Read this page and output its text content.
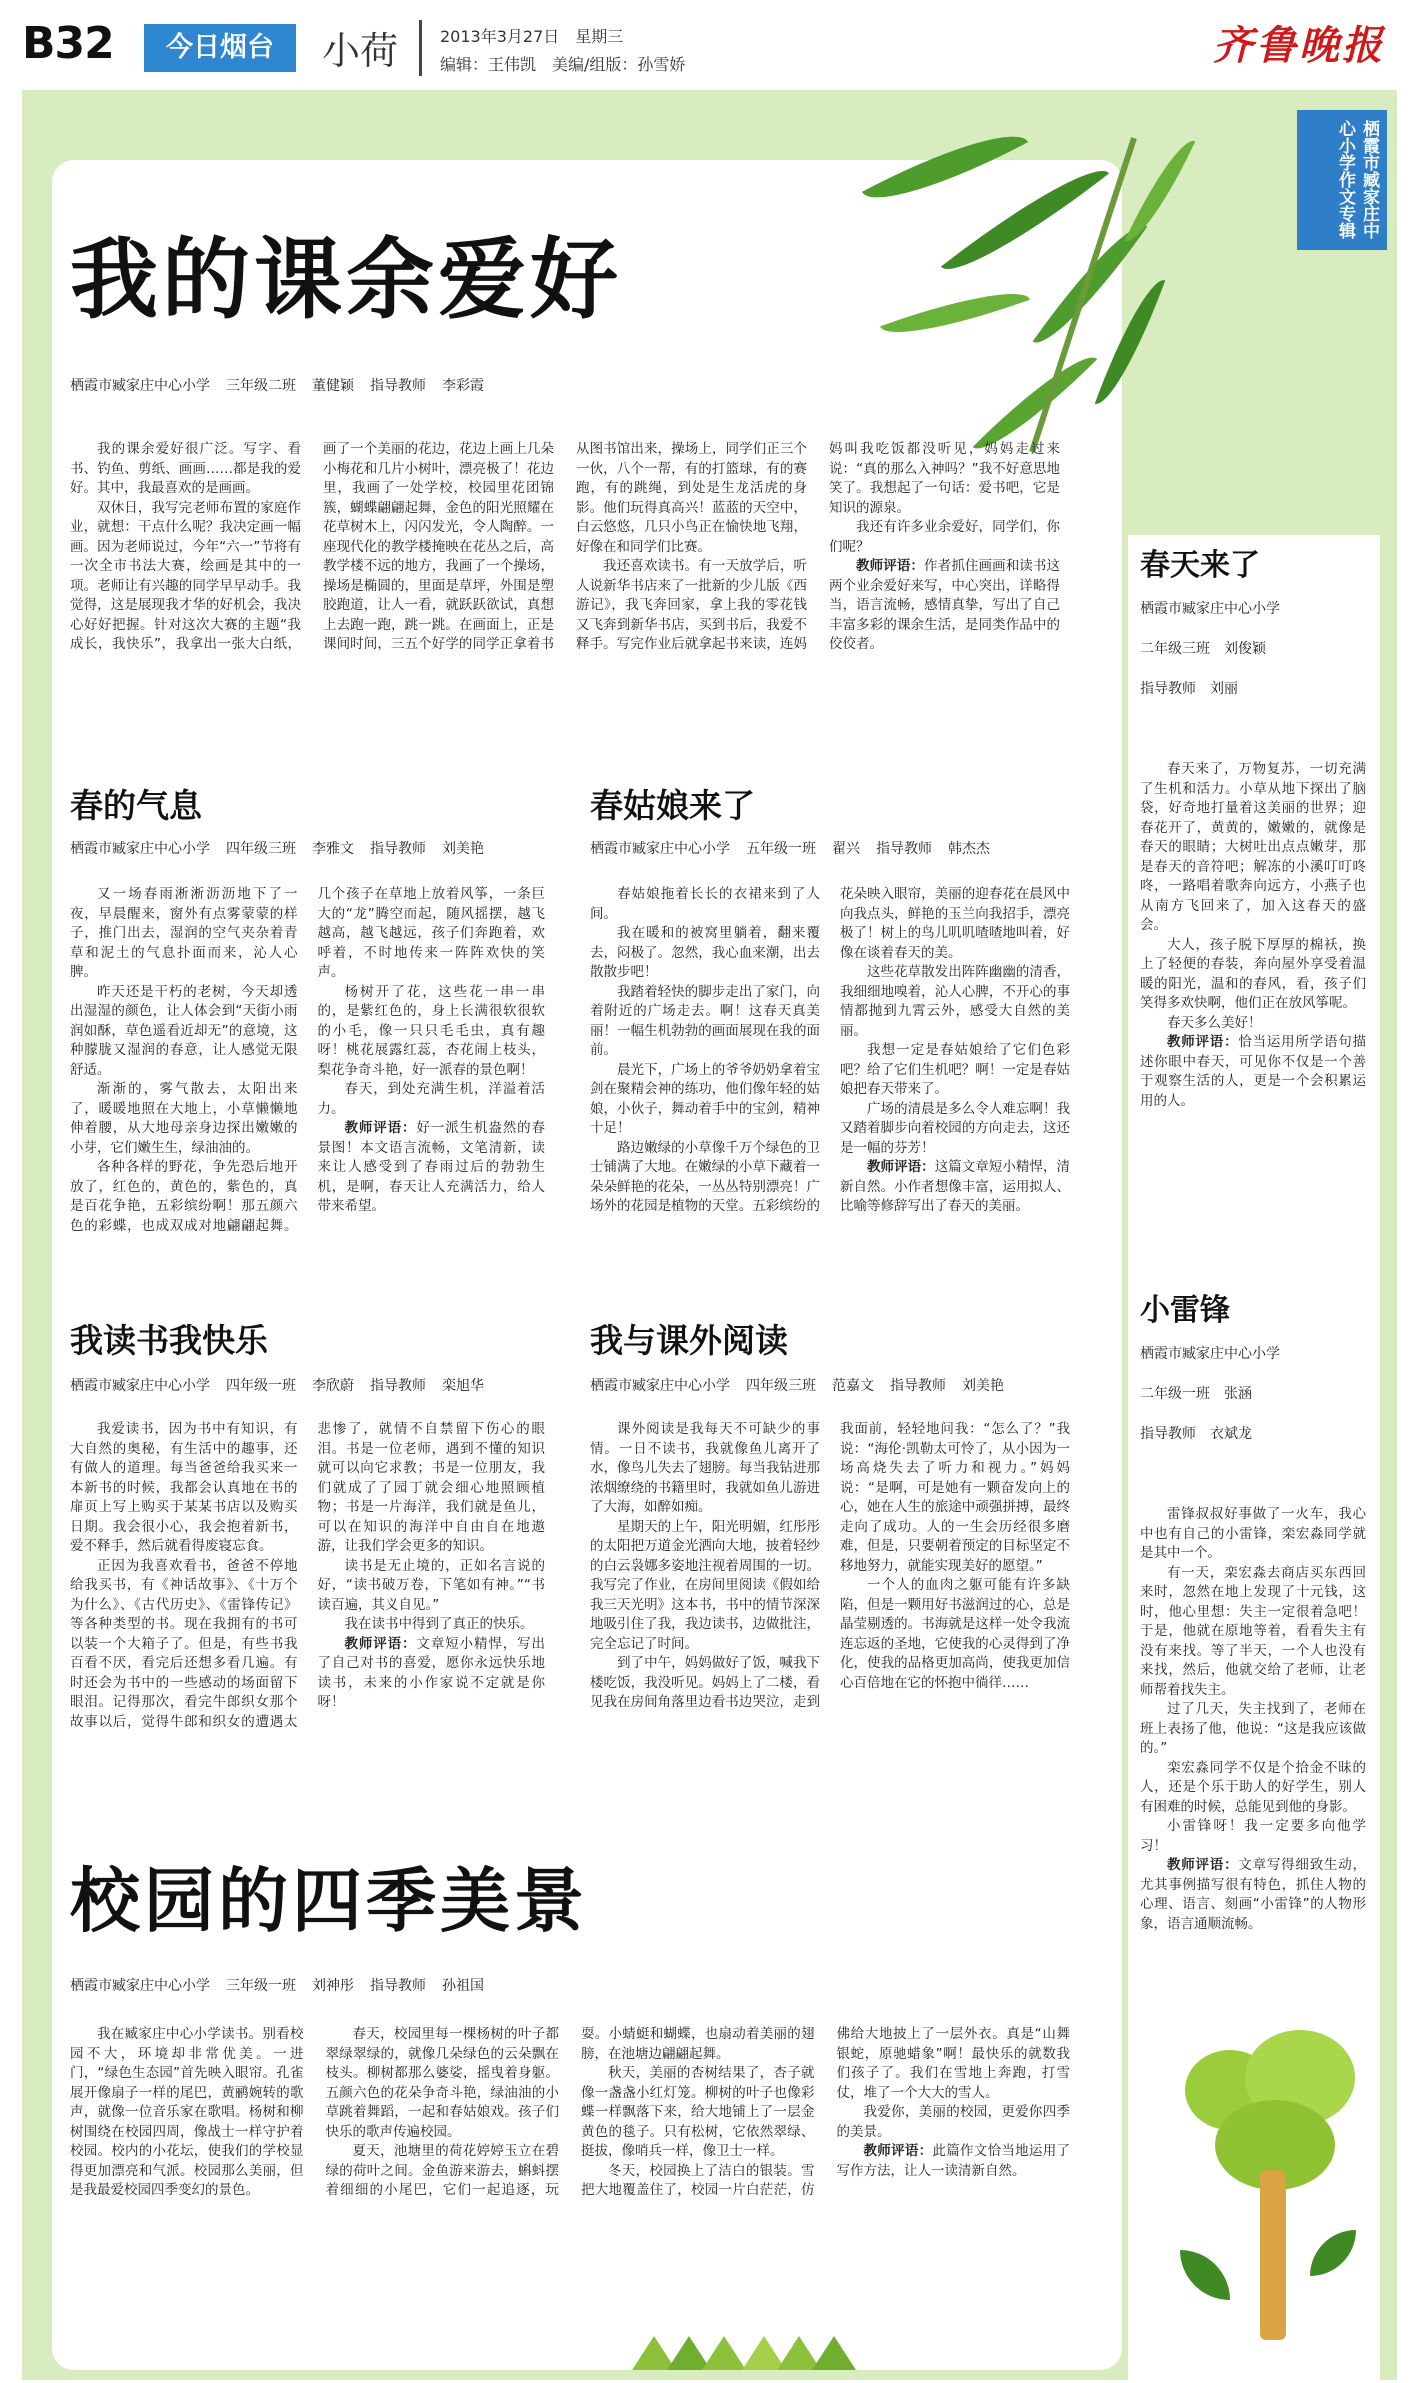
B32	今日烟台	小荷	2013年3月27日　星期三
编辑：王伟凯　美编/组版：孙雪娇	齐鲁晚报
栖霞市臧家庄中心小学作文专辑
我的课余爱好
栖霞市臧家庄中心小学 三年级二班 董健颖 指导教师 李彩霞

我的课余爱好很广泛。写字、看书、钓鱼、剪纸、画画……都是我的爱好。其中，我最喜欢的是画画。

双休日，我写完老师布置的家庭作业，就想：干点什么呢？我决定画一幅画。因为老师说过，今年“六一”节将有一次全市书法大赛，绘画是其中的一项。老师让有兴趣的同学早早动手。我觉得，这是展现我才华的好机会，我决心好好把握。针对这次大赛的主题“我成长，我快乐”，我拿出一张大白纸，画了一个美丽的花边，花边上画上几朵小梅花和几片小树叶，漂亮极了！花边里，我画了一处学校，校园里花团锦簇，蝴蝶翩翩起舞，金色的阳光照耀在花草树木上，闪闪发光，令人陶醉。一座现代化的教学楼掩映在花丛之后，高教学楼不远的地方，我画了一个操场，操场是椭圆的，里面是草坪，外围是塑胶跑道，让人一看，就跃跃欲试，真想上去跑一跑，跳一跳。在画面上，正是课间时间，三五个好学的同学正拿着书从图书馆出来，操场上，同学们正三个一伙，八个一帮，有的打篮球，有的赛跑，有的跳绳，到处是生龙活虎的身影。他们玩得真高兴！蓝蓝的天空中，白云悠悠，几只小鸟正在愉快地飞翔，好像在和同学们比赛。

我还喜欢读书。有一天放学后，听人说新华书店来了一批新的少儿版《西游记》，我飞奔回家，拿上我的零花钱又飞奔到新华书店，买到书后，我爱不释手。写完作业后就拿起书来读，连妈妈叫我吃饭都没听见，妈妈走过来说：“真的那么入神吗？”我不好意思地笑了。我想起了一句话：爱书吧，它是知识的源泉。

我还有许多业余爱好，同学们，你们呢？

教师评语：作者抓住画画和读书这两个业余爱好来写，中心突出，详略得当，语言流畅，感情真挚，写出了自己丰富多彩的课余生活，是同类作品中的佼佼者。

春的气息
栖霞市臧家庄中心小学 四年级三班 李雅文 指导教师 刘美艳

又一场春雨淅淅沥沥地下了一夜，早晨醒来，窗外有点雾蒙蒙的样子，推门出去，湿润的空气夹杂着青草和泥土的气息扑面而来，沁人心脾。

昨天还是干朽的老树，今天却透出湿湿的颜色，让人体会到“天街小雨润如酥，草色遥看近却无”的意境，这种朦胧又湿润的春意，让人感觉无限舒适。

渐渐的，雾气散去，太阳出来了，暖暖地照在大地上，小草懒懒地伸着腰，从大地母亲身边探出嫩嫩的小芽，它们嫩生生，绿油油的。

各种各样的野花，争先恐后地开放了，红色的，黄色的，紫色的，真是百花争艳，五彩缤纷啊！那五颜六色的彩蝶，也成双成对地翩翩起舞。几个孩子在草地上放着风筝，一条巨大的“龙”腾空而起，随风摇摆，越飞越高，越飞越远，孩子们奔跑着，欢呼着，不时地传来一阵阵欢快的笑声。

杨树开了花，这些花一串一串的，是紫红色的，身上长满很软很软的小毛，像一只只毛毛虫，真有趣呀！桃花展露红蕊，杏花闹上枝头，梨花争奇斗艳，好一派春的景色啊！

春天，到处充满生机，洋溢着活力。

教师评语：好一派生机盎然的春景图！本文语言流畅，文笔清新，读来让人感受到了春雨过后的勃勃生机，是啊，春天让人充满活力，给人带来希望。

春姑娘来了
栖霞市臧家庄中心小学 五年级一班 翟兴 指导教师 韩杰杰

春姑娘拖着长长的衣裙来到了人间。

我在暖和的被窝里躺着，翻来覆去，闷极了。忽然，我心血来潮，出去散散步吧！

我踏着轻快的脚步走出了家门，向着附近的广场走去。啊！这春天真美丽！一幅生机勃勃的画面展现在我的面前。

晨光下，广场上的爷爷奶奶拿着宝剑在聚精会神的练功，他们像年轻的姑娘，小伙子，舞动着手中的宝剑，精神十足！

路边嫩绿的小草像千万个绿色的卫士铺满了大地。在嫩绿的小草下藏着一朵朵鲜艳的花朵，一丛丛特别漂亮！广场外的花园是植物的天堂。五彩缤纷的花朵映入眼帘，美丽的迎春花在晨风中向我点头，鲜艳的玉兰向我招手，漂亮极了！树上的鸟儿叽叽喳喳地叫着，好像在谈着春天的美。

这些花草散发出阵阵幽幽的清香，我细细地嗅着，沁人心脾，不开心的事情都抛到九霄云外，感受大自然的美丽。

我想一定是春姑娘给了它们色彩吧？给了它们生机吧？啊！一定是春姑娘把春天带来了。

广场的清晨是多么令人难忘啊！我又踏着脚步向着校园的方向走去，这还是一幅的芬芳！

教师评语：这篇文章短小精悍，清新自然。小作者想像丰富，运用拟人、比喻等修辞写出了春天的美丽。

我读书我快乐
栖霞市臧家庄中心小学 四年级一班 李欣蔚 指导教师 栾旭华

我爱读书，因为书中有知识，有大自然的奥秘，有生活中的趣事，还有做人的道理。每当爸爸给我买来一本新书的时候，我都会认真地在书的扉页上写上购买于某某书店以及购买日期。我会很小心，我会抱着新书，爱不释手，然后就看得废寝忘食。

正因为我喜欢看书，爸爸不停地给我买书，有《神话故事》、《十万个为什么》、《古代历史》、《雷锋传记》等各种类型的书。现在我拥有的书可以装一个大箱子了。但是，有些书我百看不厌，看完后还想多看几遍。有时还会为书中的一些感动的场面留下眼泪。记得那次，看完牛郎织女那个故事以后，觉得牛郎和织女的遭遇太悲惨了，就情不自禁留下伤心的眼泪。书是一位老师，遇到不懂的知识就可以向它求教；书是一位朋友，我们就成了了园丁就会细心地照顾植物；书是一片海洋，我们就是鱼儿，可以在知识的海洋中自由自在地遨游，让我们学会更多的知识。

读书是无止境的，正如名言说的好，“读书破万卷，下笔如有神。”“书读百遍，其义自见。”

我在读书中得到了真正的快乐。

教师评语：文章短小精悍，写出了自己对书的喜爱，愿你永远快乐地读书，未来的小作家说不定就是你呀！

我与课外阅读
栖霞市臧家庄中心小学 四年级三班 范嘉文 指导教师 刘美艳

课外阅读是我每天不可缺少的事情。一日不读书，我就像鱼儿离开了水，像鸟儿失去了翅膀。每当我钻进那浓烟缭绕的书籍里时，我就如鱼儿游进了大海，如醉如痴。

星期天的上午，阳光明媚，红彤彤的太阳把万道金光洒向大地，披着轻纱的白云袅娜多姿地注视着周围的一切。我写完了作业，在房间里阅读《假如给我三天光明》这本书，书中的情节深深地吸引住了我，我边读书，边做批注，完全忘记了时间。

到了中午，妈妈做好了饭，喊我下楼吃饭，我没听见。妈妈上了二楼，看见我在房间角落里边看书边哭泣，走到我面前，轻轻地问我：“怎么了？”我说：“海伦·凯勒太可怜了，从小因为一场高烧失去了听力和视力。”妈妈说：“是啊，可是她有一颗奋发向上的心，她在人生的旅途中顽强拼搏，最终走向了成功。人的一生会历经很多磨难，但是，只要朝着预定的目标坚定不移地努力，就能实现美好的愿望。”

一个人的血肉之躯可能有许多缺陷，但是一颗用好书滋润过的心，总是晶莹剔透的。书海就是这样一处令我流连忘返的圣地，它使我的心灵得到了净化，使我的品格更加高尚，使我更加信心百倍地在它的怀抱中徜徉……

校园的四季美景
栖霞市臧家庄中心小学 三年级一班 刘神彤 指导教师 孙祖国

我在臧家庄中心小学读书。别看校园不大，环境却非常优美。一进门，“绿色生态园”首先映入眼帘。孔雀展开像扇子一样的尾巴，黄鹂婉转的歌声，就像一位音乐家在歌唱。杨树和柳树围绕在校园四周，像战士一样守护着校园。校内的小花坛，使我们的学校显得更加漂亮和气派。校园那么美丽，但是我最爱校园四季变幻的景色。

春天，校园里每一棵杨树的叶子都翠绿翠绿的，就像几朵绿色的云朵飘在枝头。柳树都那么婆娑，摇曳着身躯。五颜六色的花朵争奇斗艳，绿油油的小草跳着舞蹈，一起和春姑娘戏。孩子们快乐的歌声传遍校园。

夏天，池塘里的荷花婷婷玉立在碧绿的荷叶之间。金鱼游来游去，蝌蚪摆着细细的小尾巴，它们一起追逐，玩耍。小蜻蜓和蝴蝶，也扇动着美丽的翅膀，在池塘边翩翩起舞。

秋天，美丽的杏树结果了，杏子就像一盏盏小红灯笼。柳树的叶子也像彩蝶一样飘落下来，给大地铺上了一层金黄色的毯子。只有松树，它依然翠绿、挺拔，像哨兵一样，像卫士一样。

冬天，校园换上了洁白的银装。雪把大地覆盖住了，校园一片白茫茫，仿佛给大地披上了一层外衣。真是“山舞银蛇，原驰蜡象”啊！最快乐的就数我们孩子了。我们在雪地上奔跑，打雪仗，堆了一个大大的雪人。

我爱你，美丽的校园，更爱你四季的美景。

教师评语：此篇作文恰当地运用了写作方法，让人一读清新自然。

春天来了
栖霞市臧家庄中心小学
二年级三班　刘俊颖
指导教师　刘丽

春天来了，万物复苏，一切充满了生机和活力。小草从地下探出了脑袋，好奇地打量着这美丽的世界；迎春花开了，黄黄的，嫩嫩的，就像是春天的眼睛；大树吐出点点嫩芽，那是春天的音符吧；解冻的小溪叮叮咚咚，一路唱着歌奔向远方，小燕子也从南方飞回来了，加入这春天的盛会。

大人，孩子脱下厚厚的棉袄，换上了轻便的春装，奔向屋外享受着温暖的阳光，温和的春风，看，孩子们笑得多欢快啊，他们正在放风筝呢。

春天多么美好！

教师评语：恰当运用所学语句描述你眼中春天，可见你不仅是一个善于观察生活的人，更是一个会积累运用的人。

小雷锋
栖霞市臧家庄中心小学
二年级一班　张涵
指导教师　衣斌龙

雷锋叔叔好事做了一火车，我心中也有自己的小雷锋，栾宏淼同学就是其中一个。

有一天，栾宏淼去商店买东西回来时，忽然在地上发现了十元钱，这时，他心里想：失主一定很着急吧！于是，他就在原地等着，看看失主有没有来找。等了半天，一个人也没有来找，然后，他就交给了老师，让老师帮着找失主。

过了几天，失主找到了，老师在班上表扬了他，他说：“这是我应该做的。”

栾宏淼同学不仅是个拾金不昧的人，还是个乐于助人的好学生，别人有困难的时候，总能见到他的身影。

小雷锋呀！我一定要多向他学习！

教师评语：文章写得细致生动，尤其事例描写很有特色，抓住人物的心理、语言、刻画“小雷锋”的人物形象，语言通顺流畅。
